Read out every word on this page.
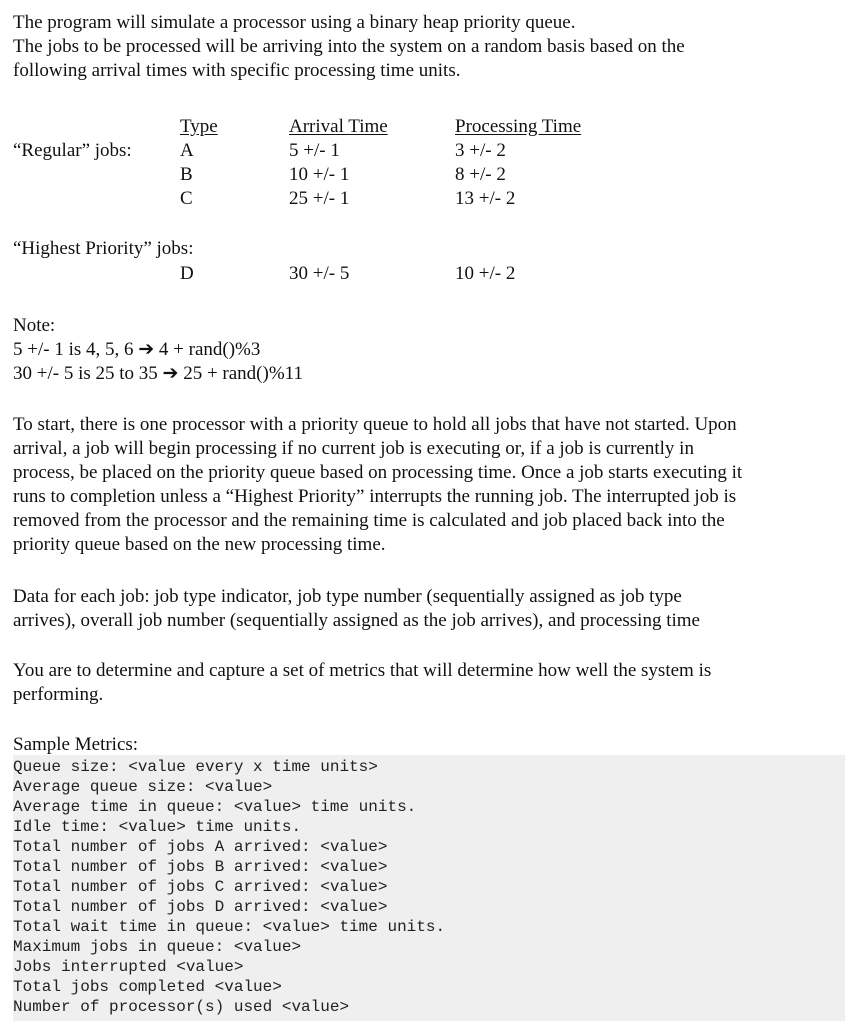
The program will simulate a processor using a binary heap priority queue.

The jobs to be processed will be arriving into the system on a random basis based on the

following arrival times with specific processing time units.

Type	Arrival Time	Processing Time
“Regular” jobs:	A	5 +/- 1	3 +/- 2
B	10 +/- 1	8 +/- 2
C	25 +/- 1	13 +/- 2
“Highest Priority” jobs:
D	30 +/- 5	10 +/- 2

Note:

5 +/- 1 is 4, 5, 6 ➔ 4 + rand()%3

30 +/- 5 is 25 to 35 ➔ 25 + rand()%11

To start, there is one processor with a priority queue to hold all jobs that have not started. Upon

arrival, a job will begin processing if no current job is executing or, if a job is currently in

process, be placed on the priority queue based on processing time. Once a job starts executing it

runs to completion unless a “Highest Priority” interrupts the running job. The interrupted job is

removed from the processor and the remaining time is calculated and job placed back into the

priority queue based on the new processing time.

Data for each job: job type indicator, job type number (sequentially assigned as job type

arrives), overall job number (sequentially assigned as the job arrives), and processing time

You are to determine and capture a set of metrics that will determine how well the system is

performing.

Sample Metrics:

Queue size: <value every x time units>
Average queue size: <value>
Average time in queue: <value> time units.
Idle time: <value> time units.
Total number of jobs A arrived: <value>
Total number of jobs B arrived: <value>
Total number of jobs C arrived: <value>
Total number of jobs D arrived: <value>
Total wait time in queue: <value> time units.
Maximum jobs in queue: <value>
Jobs interrupted <value>
Total jobs completed <value>
Number of processor(s) used <value>
